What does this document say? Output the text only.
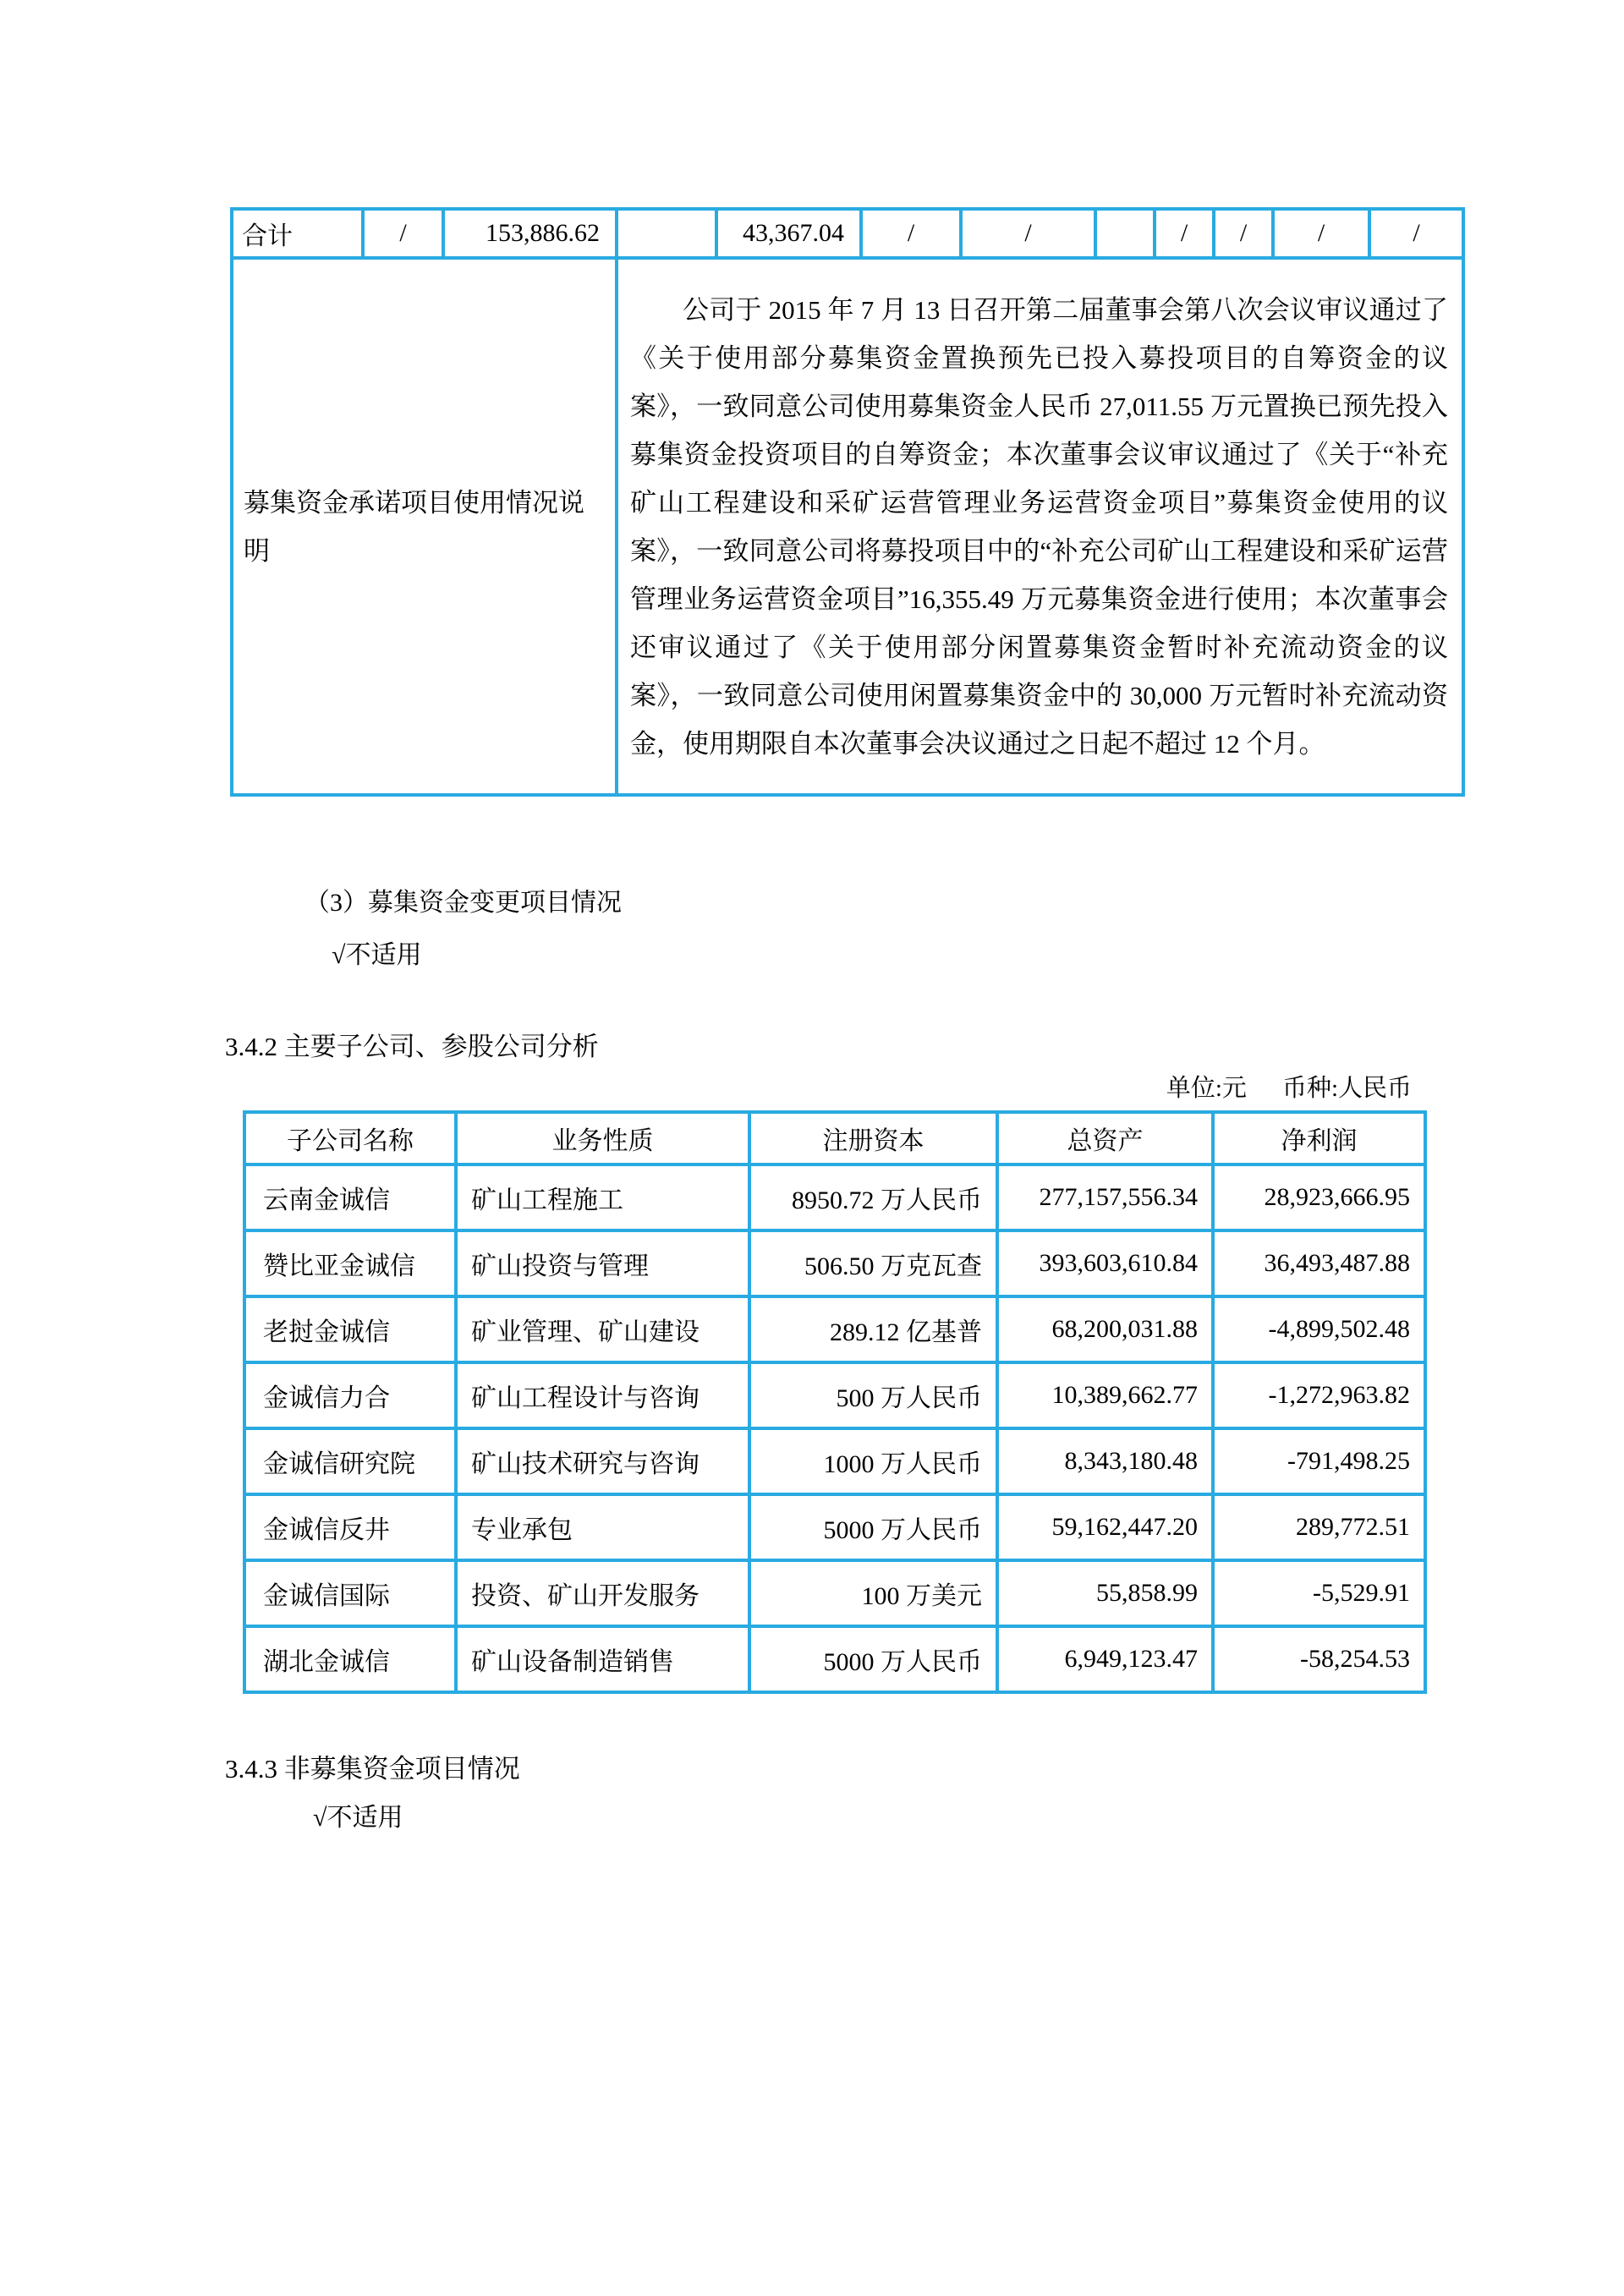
合计	/	153,886.62		43,367.04	/	/		/	/	/	/
募集资金承诺项目使用情况说明			公司于 2015 年 7 月 13 日召开第二届董事会第八次会议审议通过了《关于使用部分募集资金置换预先已投入募投项目的自筹资金的议案》，一致同意公司使用募集资金人民币 27,011.55 万元置换已预先投入募集资金投资项目的自筹资金；本次董事会议审议通过了《关于“补充矿山工程建设和采矿运营管理业务运营资金项目”募集资金使用的议案》，一致同意公司将募投项目中的“补充公司矿山工程建设和采矿运营管理业务运营资金项目”16,355.49 万元募集资金进行使用；本次董事会还审议通过了《关于使用部分闲置募集资金暂时补充流动资金的议案》，一致同意公司使用闲置募集资金中的 30,000 万元暂时补充流动资金，使用期限自本次董事会决议通过之日起不超过 12 个月。								

（3）募集资金变更项目情况
√不适用
3.4.2 主要子公司、参股公司分析
单位:元 币种:人民币
子公司名称	业务性质	注册资本	总资产	净利润
云南金诚信	矿山工程施工	8950.72 万人民币	277,157,556.34	28,923,666.95
赞比亚金诚信	矿山投资与管理	506.50 万克瓦查	393,603,610.84	36,493,487.88
老挝金诚信	矿业管理、矿山建设	289.12 亿基普	68,200,031.88	-4,899,502.48
金诚信力合	矿山工程设计与咨询	500 万人民币	10,389,662.77	-1,272,963.82
金诚信研究院	矿山技术研究与咨询	1000 万人民币	8,343,180.48	-791,498.25
金诚信反井	专业承包	5000 万人民币	59,162,447.20	289,772.51
金诚信国际	投资、矿山开发服务	100 万美元	55,858.99	-5,529.91
湖北金诚信	矿山设备制造销售	5000 万人民币	6,949,123.47	-58,254.53
3.4.3 非募集资金项目情况
√不适用
